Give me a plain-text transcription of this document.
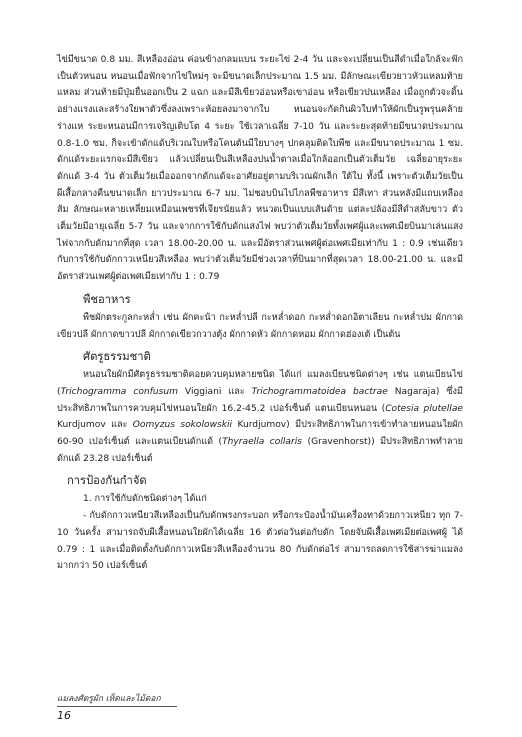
ไข่มีขนาด 0.8 มม. สีเหลืองอ่อน ค่อนข้างกลมแบน ระยะไข่ 2-4 วัน และจะเปลี่ยนเป็นสีดำเมื่อใกล้จะฟักเป็นตัวหนอน หนอนเมื่อฟักจากไข่ใหม่ๆ จะมีขนาดเล็กประมาณ 1.5 มม. มีลักษณะเขียวยาวหัวแหลมท้ายแหลม ส่วนท้ายมีปุ่มยื่นออกเป็น 2 แฉก และมีสีเขียวอ่อนหรือเขาอ่อน หรือเขียวปนเหลือง เมื่อถูกตัวจะดิ้นอย่างแรงและสร้างใยพาตัวซึ่งลงเพราะห้อยลงมาจากใบ หนอนจะกัดกินผิวใบทำให้ผักเป็นรูพรุนคล้ายร่างแห ระยะหนอนมีการเจริญเติบโต 4 ระยะ ใช้เวลาเฉลี่ย 7-10 วัน และระยะสุดท้ายมีขนาดประมาณ 0.8-1.0 ซม. ก็จะเข้าดักแด้บริเวณใบหรือโคนต้นมีใยบางๆ ปกคลุมติดใบพืช และมีขนาดประมาณ 1 ซม. ดักแด้ระยะแรกจะมีสีเขียว แล้วเปลี่ยนเป็นสีเหลืองปนน้ำตาลเมื่อใกล้ออกเป็นตัวเต็มวัย เฉลี่ยอายุระยะดักแด้ 3-4 วัน ตัวเต็มวัยเมื่อออกจากดักแด้จะอาศัยอยู่ตามบริเวณผักเล็ก ใต้ใบ ทั้งนี้ เพราะตัวเต็มวัยเป็นผีเสื้อกลางคืนขนาดเล็ก ยาวประมาณ 6-7 มม. ไม่ชอบบินไปไกลพืชอาหาร มีสีเทา ส่วนหลังมีแถบเหลืองส้ม ลักษณะหลายเหลี่ยมเหมือนเพชรที่เจียรนัยแล้ว หนวดเป็นแบบเส้นด้าย แต่ละปล้องมีสีดำสลับขาว ตัวเต็มวัยมีอายุเฉลี่ย 5-7 วัน และจากการใช้กับดักแสงไฟ พบว่าตัวเต็มวัยทั้งเพศผู้และเพศเมียบินมาเล่นแสงไฟจากกับดักมากที่สุด เวลา 18.00-20.00 น. และมีอัตราส่วนเพศผู้ต่อเพศเมียเท่ากับ 1 : 0.9 เช่นเดียวกับการใช้กับดักกาวเหนียวสีเหลือง พบว่าตัวเต็มวัยมีช่วงเวลาที่บินมากที่สุดเวลา 18.00-21.00 น. และมีอัตราส่วนเพศผู้ต่อเพศเมียเท่ากับ 1 : 0.79

พืชอาหาร

พืชผักตระกูลกะหล่ำ เช่น ผักคะน้า กะหล่ำปลี กะหล่ำดอก กะหล่ำดอกอิตาเลียน กะหล่ำปม ผักกาดเขียวปลี ผักกาดขาวปลี ผักกาดเขียวกวางตุ้ง ผักกาดหัว ผักกาดหอม ผักกาดฮ่องเต้ เป็นต้น

ศัตรูธรรมชาติ

หนอนใยผักมีศัตรูธรรมชาติคอยควบคุมหลายชนิด ได้แก่ แมลงเบียนชนิดต่างๆ เช่น แตนเบียนไข่ (Trichogramma confusum Viggiani และ Trichogrammatoidea bactrae Nagaraja) ซึ่งมีประสิทธิภาพในการควบคุมไข่หนอนใยผัก 16.2-45.2 เปอร์เซ็นต์ แตนเบียนหนอน (Cotesia plutellae Kurdjumov และ Oomyzus sokolowskii Kurdjumov) มีประสิทธิภาพในการเข้าทำลายหนอนใยผัก 60-90 เปอร์เซ็นต์ และแตนเบียนดักแด้ (Thyraella collaris (Gravenhorst)) มีประสิทธิภาพทำลายดักแด้ 23.28 เปอร์เซ็นต์

การป้องกันกำจัด

1. การใช้กับดักชนิดต่างๆ ได้แก่

- กับดักกาวเหนียวสีเหลืองเป็นกับดักพรงกระบอก หรือกระป๋องน้ำมันเครื่องทาด้วยกาวเหนียว ทุก 7-10 วันครั้ง สามารถจับผีเสื้อหนอนใยผักได้เฉลี่ย 16 ตัวต่อวันต่อกับดัก โดยจับผีเสื้อเพศเมียต่อเพศผู้ ได้ 0.79 : 1 และเมื่อติดตั้งกับดักกาวเหนียวสีเหลืองจำนวน 80 กับดักต่อไร่ สามารถลดการใช้สารฆ่าแมลงมากกว่า 50 เปอร์เซ็นต์

แมลงศัตรูผัก เห็ดและไม้ดอก
16
